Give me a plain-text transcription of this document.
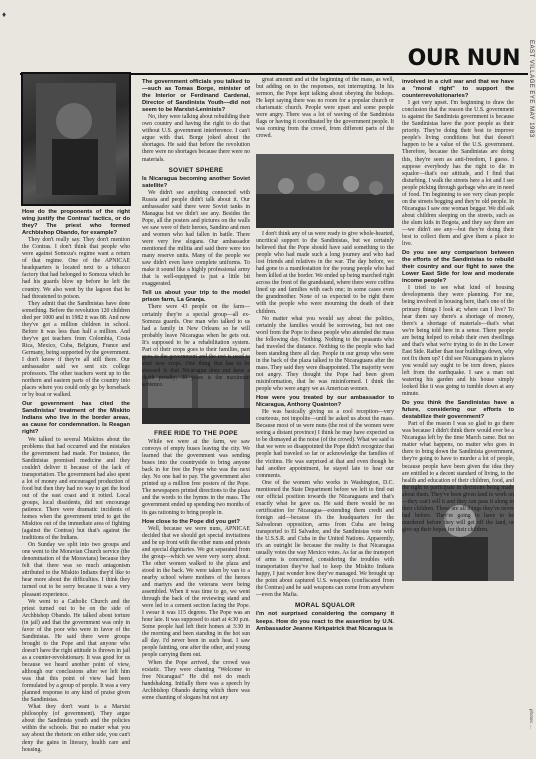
♦
EAST VILLAGE EYE MAY 1983
OUR NUN

How do the proponents of the right wing justify the Contras' tactics, or do they? The priest who formed Archbishop Obando, for example?

They don't really say. They don't mention the Contras. I don't think that people who were against Somoza's regime want a return of that regime. One of the APNICAE headquarters is located next to a tobacco factory that had belonged to Somoza which he had his guards blow up before he left the country. We also went by the lagoon that he had threatened to poison.

They admit that the Sandinistas have done something. Before the revolution 120 children died per 1000 and in 1982 it was 88. And now they've got a million children in school. Before it was less than half a million. And they've got teachers from Colombia, Costa Rica, Mexico, Cuba, Belgium, France and Germany, being supported by the government. I don't know if they're all still there. Our ambassador said we sent six college professors. The other teachers went up to the northern and eastern parts of the country into places where you could only go by horseback or by boat or walked.

Our government has cited the Sandinistas' treatment of the Miskito Indians who live in the border areas, as cause for condemnation. Is Reagan right?

We talked to several Miskitos about the problems that had occurred and the mistakes the government had made. For instance, the Sandinistas promised medicine and they couldn't deliver it because of the lack of transportation. The government had also spent a lot of money and encouraged production of food but then they had no way to get the food out of the east coast and it rotted. Local groups, local dissidents, did not encourage patience. There were dramatic incidents of homes when the government tried to get the Miskitos out of the immediate area of fighting (against the Contras) but that's against the traditions of the Indians.

On Sunday we split into two groups and one went to the Moravian Church service (the denomination of the Moravians) because they felt that there was so much antagonism attributed to the Miskito Indians they'd like to hear more about the difficulties. I think they turned out to be sorry because it was a very pleasant experience.

We went to a Catholic Church and the priest turned out to be on the side of Archbishop Obando. He talked about torture (in jail) and that the government was only in favor of the poor who were in favor of the Sandinistas. He said there were groups brought to the Pope and that anyone who doesn't have the right attitude is thrown in jail as a counter-revolutionary. It was good for us because we heard another point of view, although our conclusions after we left him was that this point of view had been formulated by a group of people. It was a very planned response to any kind of praise given the Sandinistas.

What they don't want is a Marxist philosophy (of government). They argue about the Sandinista youth and the policies within the schools. But no matter what you say about the rhetoric on either side, you can't deny the gains in literacy, health care and housing.

The government officials you talked to—such as Tomas Borge, minister of the Interior or Ferdinand Cardenal, Director of Sandinista Youth—did not seem to be Marxist-Leninists?

No, they were talking about rebuilding their own country and having the right to do that without U.S. government interference. I can't argue with that. Borge joked about the shortages. He said that before the revolution there were no shortages because there were no materials.

SOVIET SPHERE

Is Nicaragua becoming another Soviet satellite?

We didn't see anything connected with Russia and people didn't talk about it. Our ambassador said there were Soviet tanks in Managua but we didn't see any. Besides the Pope, all the posters and pictures on the walls we saw were of their heroes, Sandino and men and women who had fallen in battle. There were very few slogans. Our ambassador mentioned the militia and said there were too many reserve units. Many of the people we saw didn't even have complete uniforms. To make it sound like a highly professional army that is well-equipped is just a little bit exaggerated.

Tell us about your trip to the model prison farm, La Granja.

There were 43 people on the farm—certainly they're a special group—all ex-Somoza guards. One man who talked to us had a family in New Orleans so he will probably leave Nicaragua when he gets out. It's supposed to be a rehabilitation system. Part of their crops goes to their families, part goes to the government and the rest is used to start new crops. One thing that has to be stressed is that Nicaragua does not have a death penalty; 30 years is the maximum sentence.

FREE RIDE TO THE POPE

While we were at the farm, we saw convoys of empty buses leaving the city. We learned that the government was sending buses into the countryside to bring anyone back in for free the Pope who was the next day. No one had to pay. The government also printed up a million free posters of the Pope. The newspapers printed directions to the plaza and the words to the hymns in the mass. The government ended up spending two months of its gas rationing to bring people in.

How close to the Pope did you get?

Well, because we were nuns, APNICAE decided that we should get special invitations and be up front with the other nuns and priests and special dignitaries. We got separated from the group—which we were very sorry about. The other women walked to the plaza and stood in the back. We were taken by van to a nearby school where mothers of the heroes and martyrs and the veterans were being assembled. When it was time to go, we went through the back of the reviewing stand and were led to a cement section facing the Pope. I swear it was 115 degrees. The Pope was an hour late. It was supposed to start at 4:30 p.m. Some people had left their homes at 3:30 in the morning and been standing in the hot sun all day. I'd never been in such heat. I saw people fainting, one after the other, and young people carrying them out.

When the Pope arrived, the crowd was ecstatic. They were chanting "Welcome to free Nicaragua!" He did not do much handshaking. Initially there was a speech by Archbishop Obando during which there was some chanting of slogans but not any

great amount and at the beginning of the mass, as well, but adding on to the responses, not interrupting. In his sermon, the Pope kept talking about obeying the bishops. He kept saying there was no room for a popular church or charismatic church. People were upset and some people were angry. There was a lot of waving of the Sandinista flags or having it coordinated by the government people. It was coming from the crowd, from different parts of the crowd.

I don't think any of us were ready to give whole-hearted, uncritical support to the Sandinistas, but we certainly believed that the Pope should have said something to the people who had made such a long journey and who had lost friends and relatives in the war. The day before, we had gone to a manifestation for the young people who had been killed at the border. We ended up being marched right across the front of the grandstand, where there were coffins lined up and families with each one; in some cases even the grandmother. None of us expected to be right there with the people who were mourning the death of their children.

No matter what you would say about the politics, certainly the families would be sorrowing, but not one word from the Pope to these people who attended the mass the following day. Nothing. Nothing to the peasants who had traveled the distance. Nothing to the people who had been standing there all day. People in our group who were in the back of the plaza talked to the Nicaraguans after the mass. They said they were disappointed. The majority were not angry. They thought the Pope had been given misinformation, that he was misinformed. I think the people who were angry we as American women.

How were you treated by our ambassador to Nicaragua, Anthony Quainton?

He was basically giving us a cool reception—very courteous, not impolite—until he asked us about the mass. Because most of us were nuns (the rest of the women were seeing a distant province) I think he may have expected us to be dismayed at the noise (of the crowd). What we said is that we were so disappointed the Pope didn't recognize that people had traveled so far or acknowledge the families of the victims. He was surprised at that and even though he had another appointment, he stayed late to hear our comments.

One of the women who works in Washington, D.C. mentioned the State Department before we left to find out our official position towards the Nicaraguans and that's exactly what he gave us. He said there would be no certification for Nicaragua—extending them credit and foreign aid—because it's the headquarters for the Salvadoran opposition, arms from Cuba are being transported to El Salvador, and the Sandinistas vote with the U.S.S.R. and Cuba in the United Nations. Apparently, it's an outright lie because the reality is that Nicaragua usually votes the way Mexico votes. As far as the transport of arms is concerned, considering the troubles with transportation they've had to keep the Miskito Indians happy, I just wonder how they've managed. We brought up the point about captured U.S. weapons (confiscated from the Contras) and he said weapons can come from anywhere—even the Mafia.

MORAL SQUALOR

I'm not surprised considering the company it keeps. How do you react to the assertion by U.N. Ambassador Jeanne Kirkpatrick that Nicaragua is

involved in a civil war and that we have a "moral right" to support the counterrevolutionaries?

I get very upset. I'm beginning to draw the conclusion that the reason the U.S. government is against the Sandinista government is because the Sandinistas have the poor people as their priority. They're doing their best to improve people's living conditions but that doesn't happen to be a value of the U.S. government. Therefore, because the Sandinistas are doing this, they're seen as anti-freedom, I guess. I suppose everybody has the right to die in squalor—that's our attitude, and I find that disturbing. I walk the streets here a lot and I see people picking through garbage who are in need of food. I'm beginning to see very clean people on the streets begging and they're old people. In Nicaragua I saw one woman beggar. We did ask about children sleeping on the streets, such as the slum kids in Bogota, and they say there are—we didn't see any—but they're doing their best to collect them and give them a place to live.

Do you see any comparison between the efforts of the Sandinistas to rebuild their country and our fight to save the Lower East Side for low and moderate income people?

I tried to see what kind of housing developments they were planning. For me, being involved in housing here, that's one of the primary things I look at; where can I live? To hear them say there's a shortage of money, there's a shortage of materials—that's what we're being told here in a sense. There people are being helped to rehab their own dwellings and that's what we're trying to do in the Lower East Side. Rather than tear buildings down, why not fix them up? I did see Nicaraguans in places you would say ought to be torn down, places left from the earthquake. I saw a man out watering his garden and his house simply looked like it was going to tumble down at any minute.

Do you think the Sandinistas have a future, considering our efforts to destabilize their government?

Part of the reason I was so glad to go there was because I didn't think there would ever be a Nicaragua left by the time March came. But no matter what happens, no matter who goes in there to bring down the Sandinista government, they're going to have to murder a lot of people, because people have been given the idea they are entitled to a decent standard of living, to the health and education of their children, food, and the right to participate in decisions being made about them. They've been given land to work on—they can't sell it and they can pass it along to their children. These are all things they've never had before. They're going to have to be murdered before they will get off the land, or give up their hopes for their children.

photos: ...
